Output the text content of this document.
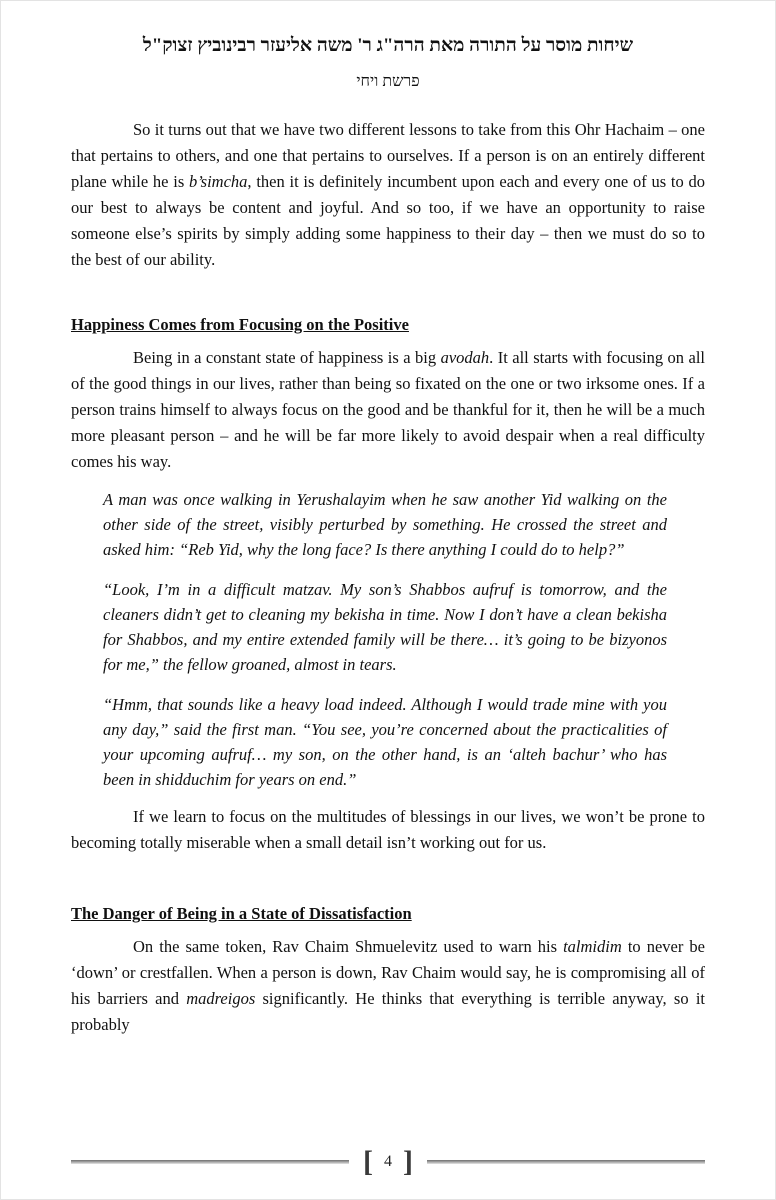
שיחות מוסר על התורה מאת הרה"ג ר' משה אליעזר רבינוביץ זצוק"ל
פרשת ויחי

So it turns out that we have two different lessons to take from this Ohr Hachaim – one that pertains to others, and one that pertains to ourselves. If a person is on an entirely different plane while he is b’simcha, then it is definitely incumbent upon each and every one of us to do our best to always be content and joyful. And so too, if we have an opportunity to raise someone else’s spirits by simply adding some happiness to their day – then we must do so to the best of our ability.

Happiness Comes from Focusing on the Positive

Being in a constant state of happiness is a big avodah. It all starts with focusing on all of the good things in our lives, rather than being so fixated on the one or two irksome ones. If a person trains himself to always focus on the good and be thankful for it, then he will be a much more pleasant person – and he will be far more likely to avoid despair when a real difficulty comes his way.

A man was once walking in Yerushalayim when he saw another Yid walking on the other side of the street, visibly perturbed by something. He crossed the street and asked him: “Reb Yid, why the long face? Is there anything I could do to help?”

“Look, I’m in a difficult matzav. My son’s Shabbos aufruf is tomorrow, and the cleaners didn’t get to cleaning my bekisha in time. Now I don’t have a clean bekisha for Shabbos, and my entire extended family will be there… it’s going to be bizyonos for me,” the fellow groaned, almost in tears.

“Hmm, that sounds like a heavy load indeed. Although I would trade mine with you any day,” said the first man. “You see, you’re concerned about the practicalities of your upcoming aufruf… my son, on the other hand, is an ‘alteh bachur’ who has been in shidduchim for years on end.”

If we learn to focus on the multitudes of blessings in our lives, we won’t be prone to becoming totally miserable when a small detail isn’t working out for us.

The Danger of Being in a State of Dissatisfaction

On the same token, Rav Chaim Shmuelevitz used to warn his talmidim to never be ‘down’ or crestfallen. When a person is down, Rav Chaim would say, he is compromising all of his barriers and madreigos significantly. He thinks that everything is terrible anyway, so it probably

[ 4 ]
